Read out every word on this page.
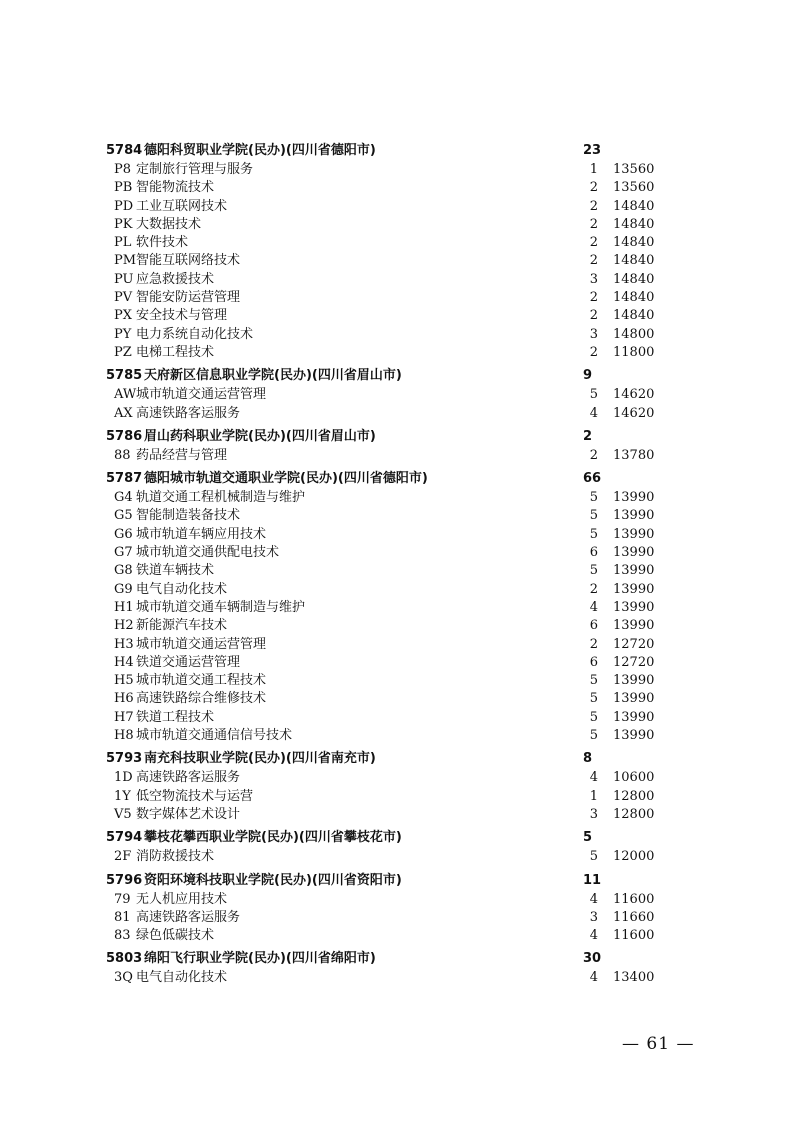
5784 德阳科贸职业学院(民办)(四川省德阳市)	23
P8 定制旅行管理与服务	1 13560
PB 智能物流技术	2 13560
PD 工业互联网技术	2 14840
PK 大数据技术	2 14840
PL 软件技术	2 14840
PM 智能互联网络技术	2 14840
PU 应急救援技术	3 14840
PV 智能安防运营管理	2 14840
PX 安全技术与管理	2 14840
PY 电力系统自动化技术	3 14800
PZ 电梯工程技术	2 11800
5785 天府新区信息职业学院(民办)(四川省眉山市)	9
AW 城市轨道交通运营管理	5 14620
AX 高速铁路客运服务	4 14620
5786 眉山药科职业学院(民办)(四川省眉山市)	2
88 药品经营与管理	2 13780
5787 德阳城市轨道交通职业学院(民办)(四川省德阳市)	66
G4 轨道交通工程机械制造与维护	5 13990
G5 智能制造装备技术	5 13990
G6 城市轨道车辆应用技术	5 13990
G7 城市轨道交通供配电技术	6 13990
G8 铁道车辆技术	5 13990
G9 电气自动化技术	2 13990
H1 城市轨道交通车辆制造与维护	4 13990
H2 新能源汽车技术	6 13990
H3 城市轨道交通运营管理	2 12720
H4 铁道交通运营管理	6 12720
H5 城市轨道交通工程技术	5 13990
H6 高速铁路综合维修技术	5 13990
H7 铁道工程技术	5 13990
H8 城市轨道交通通信信号技术	5 13990
5793 南充科技职业学院(民办)(四川省南充市)	8
1D 高速铁路客运服务	4 10600
1Y 低空物流技术与运营	1 12800
V5 数字媒体艺术设计	3 12800
5794 攀枝花攀西职业学院(民办)(四川省攀枝花市)	5
2F 消防救援技术	5 12000
5796 资阳环境科技职业学院(民办)(四川省资阳市)	11
79 无人机应用技术	4 11600
81 高速铁路客运服务	3 11660
83 绿色低碳技术	4 11600
5803 绵阳飞行职业学院(民办)(四川省绵阳市)	30
3Q 电气自动化技术	4 13400
— 61 —
